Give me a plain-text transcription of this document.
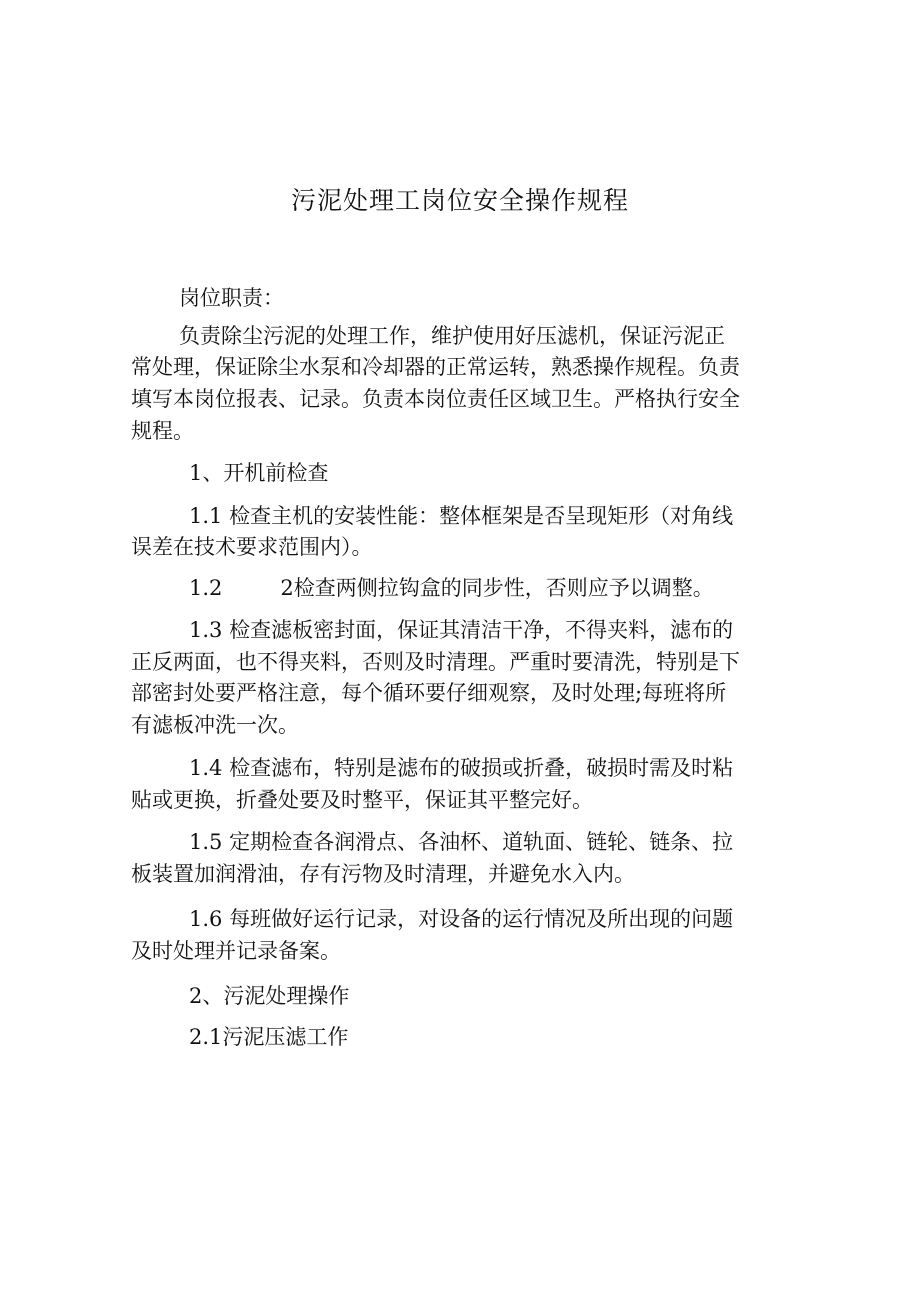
污泥处理工岗位安全操作规程
岗位职责：
负责除尘污泥的处理工作，维护使用好压滤机，保证污泥正
常处理，保证除尘水泵和冷却器的正常运转，熟悉操作规程。负责
填写本岗位报表、记录。负责本岗位责任区域卫生。严格执行安全
规程。
1、开机前检查
1.1 检查主机的安装性能：整体框架是否呈现矩形（对角线
误差在技术要求范围内）。
1.2	2检查两侧拉钩盒的同步性，否则应予以调整。
1.3 检查滤板密封面，保证其清洁干净，不得夹料，滤布的
正反两面，也不得夹料，否则及时清理。严重时要清洗，特别是下
部密封处要严格注意，每个循环要仔细观察，及时处理;每班将所
有滤板冲洗一次。
1.4 检查滤布，特别是滤布的破损或折叠，破损时需及时粘
贴或更换，折叠处要及时整平，保证其平整完好。
1.5 定期检查各润滑点、各油杯、道轨面、链轮、链条、拉
板装置加润滑油，存有污物及时清理，并避免水入内。
1.6 每班做好运行记录，对设备的运行情况及所出现的问题
及时处理并记录备案。
2、污泥处理操作
2.1污泥压滤工作
